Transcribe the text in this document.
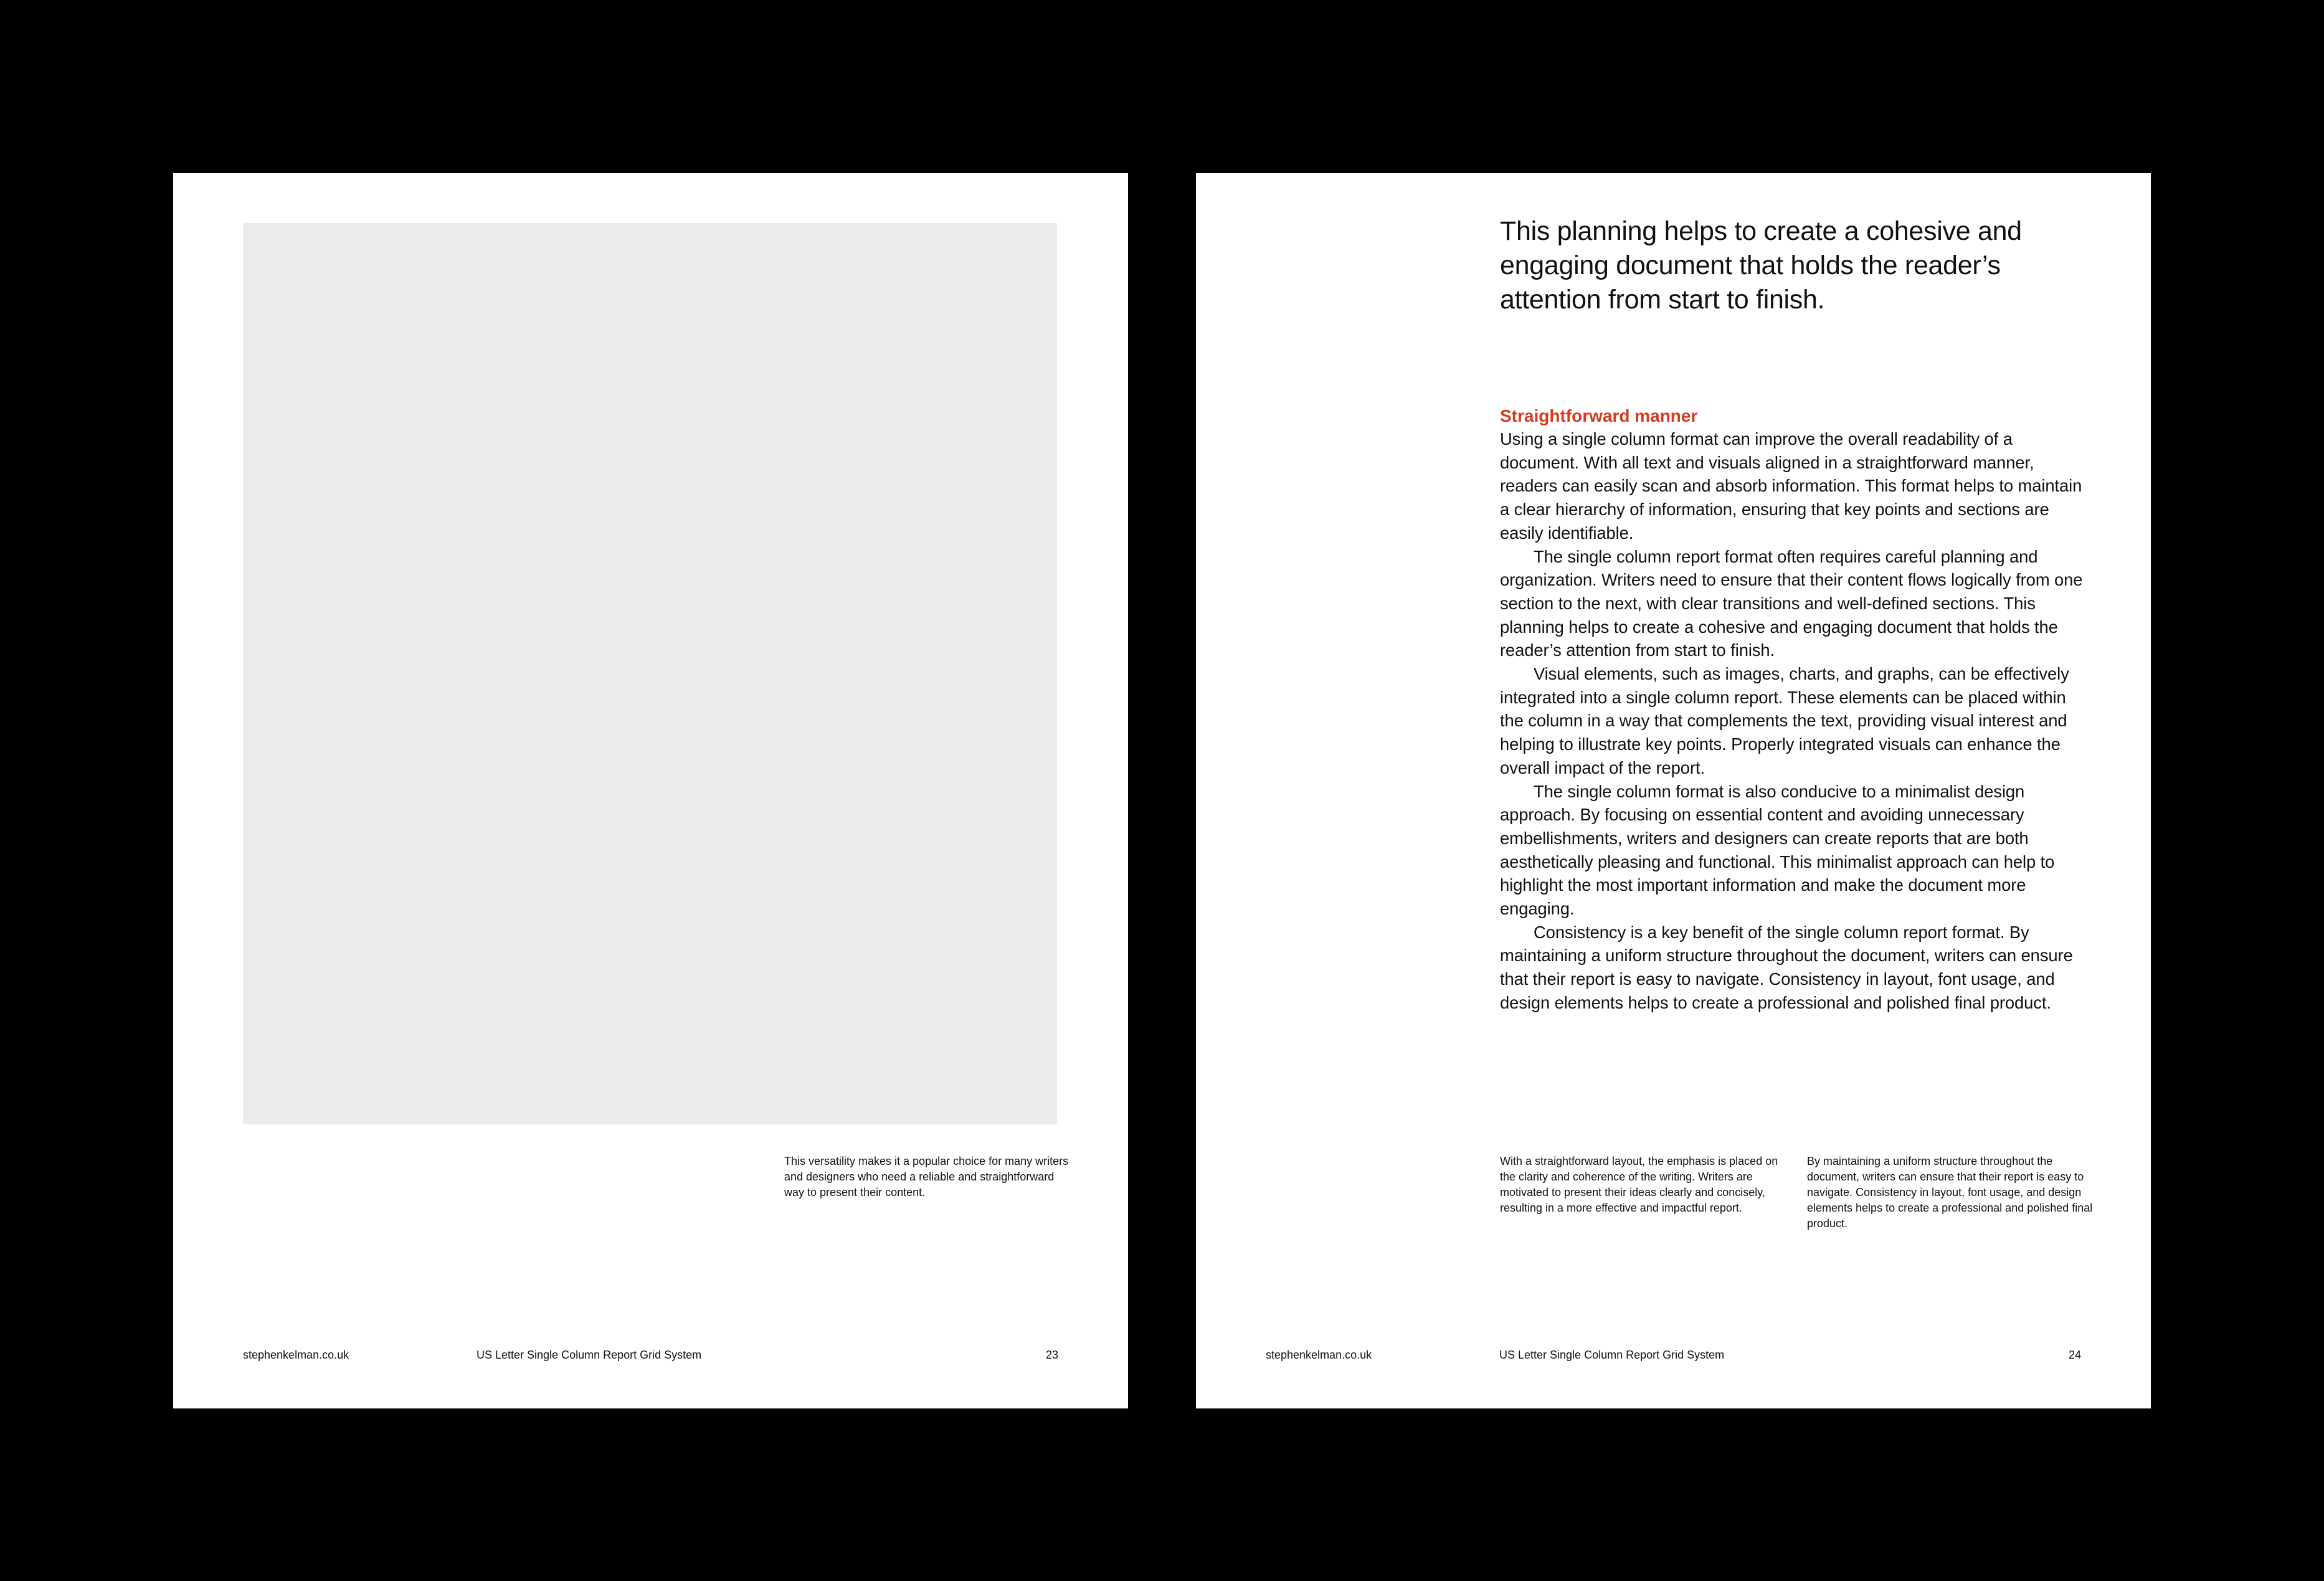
This versatility makes it a popular choice for many writers and designers who need a reliable and straightforward way to present their content.
stephenkelman.co.uk	US Letter Single Column Report Grid System	23
This planning helps to create a cohesive and engaging document that holds the reader’s attention from start to finish.
Straightforward manner

Using a single column format can improve the overall readability of a document. With all text and visuals aligned in a straightforward manner, readers can easily scan and absorb information. This format helps to maintain a clear hierarchy of information, ensuring that key points and sections are easily identifiable.

The single column report format often requires careful planning and organization. Writers need to ensure that their content flows logically from one section to the next, with clear transitions and well-defined sections. This planning helps to create a cohesive and engaging document that holds the reader’s attention from start to finish.

Visual elements, such as images, charts, and graphs, can be effectively integrated into a single column report. These elements can be placed within the column in a way that complements the text, providing visual interest and helping to illustrate key points. Properly integrated visuals can enhance the overall impact of the report.

The single column format is also conducive to a minimalist design approach. By focusing on essential content and avoiding unnecessary embellishments, writers and designers can create reports that are both aesthetically pleasing and functional. This minimalist approach can help to highlight the most important information and make the document more engaging.

Consistency is a key benefit of the single column report format. By maintaining a uniform structure throughout the document, writers can ensure that their report is easy to navigate. Consistency in layout, font usage, and design elements helps to create a professional and polished final product.

With a straightforward layout, the emphasis is placed on the clarity and coherence of the writing. Writers are motivated to present their ideas clearly and concisely, resulting in a more effective and impactful report.
By maintaining a uniform structure throughout the document, writers can ensure that their report is easy to navigate. Consistency in layout, font usage, and design elements helps to create a professional and polished final product.
stephenkelman.co.uk	US Letter Single Column Report Grid System	24
